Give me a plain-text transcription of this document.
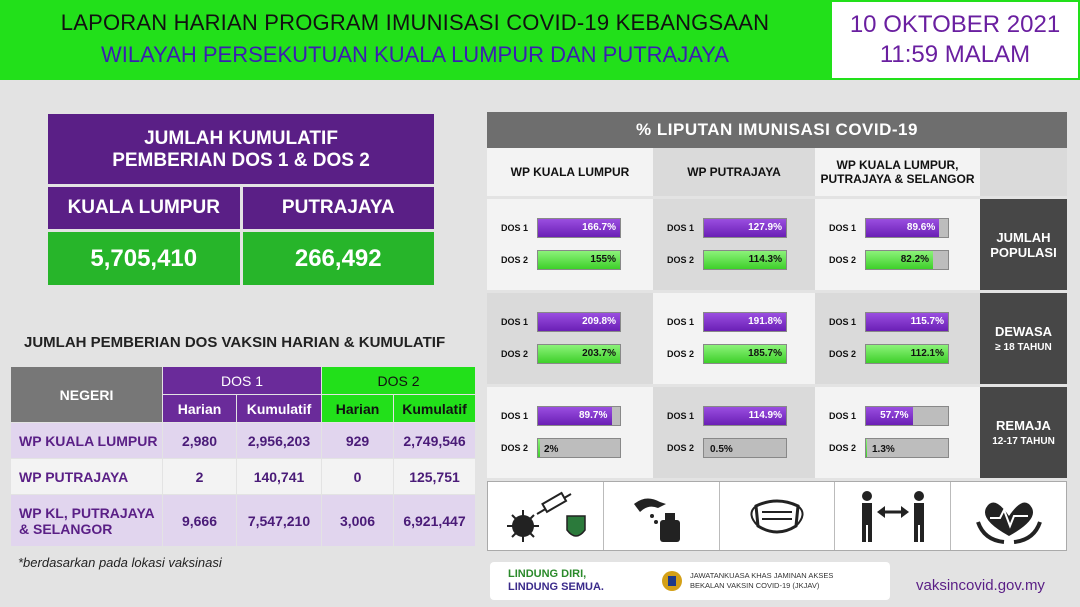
LAPORAN HARIAN PROGRAM IMUNISASI COVID-19 KEBANGSAAN
WILAYAH PERSEKUTUAN KUALA LUMPUR DAN PUTRAJAYA
10 OKTOBER 2021
11:59 MALAM
JUMLAH KUMULATIF
PEMBERIAN DOS 1 & DOS 2
KUALA LUMPUR	PUTRAJAYA
5,705,410	266,492
JUMLAH PEMBERIAN DOS VAKSIN HARIAN & KUMULATIF
NEGERI	DOS 1		DOS 2	
	Harian	Kumulatif	Harian	Kumulatif
WP KUALA LUMPUR	2,980	2,956,203	929	2,749,546
WP PUTRAJAYA	2	140,741	0	125,751

WP KL, PUTRAJAYA
& SELANGOR	9,666	7,547,210	3,006	6,921,447
*berdasarkan pada lokasi vaksinasi
% LIPUTAN IMUNISASI COVID-19
WP KUALA LUMPUR	WP PUTRAJAYA	WP KUALA LUMPUR,
PUTRAJAYA & SELANGOR
DOS 1	166.7%
DOS 2	155%
DOS 1	127.9%
DOS 2	114.3%
DOS 1	89.6%
DOS 2	82.2%
JUMLAH
POPULASI
DOS 1	209.8%
DOS 2	203.7%
DOS 1	191.8%
DOS 2	185.7%
DOS 1	115.7%
DOS 2	112.1%
DEWASA
≥ 18 TAHUN
DOS 1	89.7%
DOS 2	2%
DOS 1	114.9%
DOS 2	0.5%
DOS 1	57.7%
DOS 2	1.3%
REMAJA
12-17 TAHUN
LINDUNG DIRI,
LINDUNG SEMUA.
JAWATANKUASA KHAS JAMINAN AKSES
BEKALAN VAKSIN COVID-19 (JKJAV)	vaksincovid.gov.my
